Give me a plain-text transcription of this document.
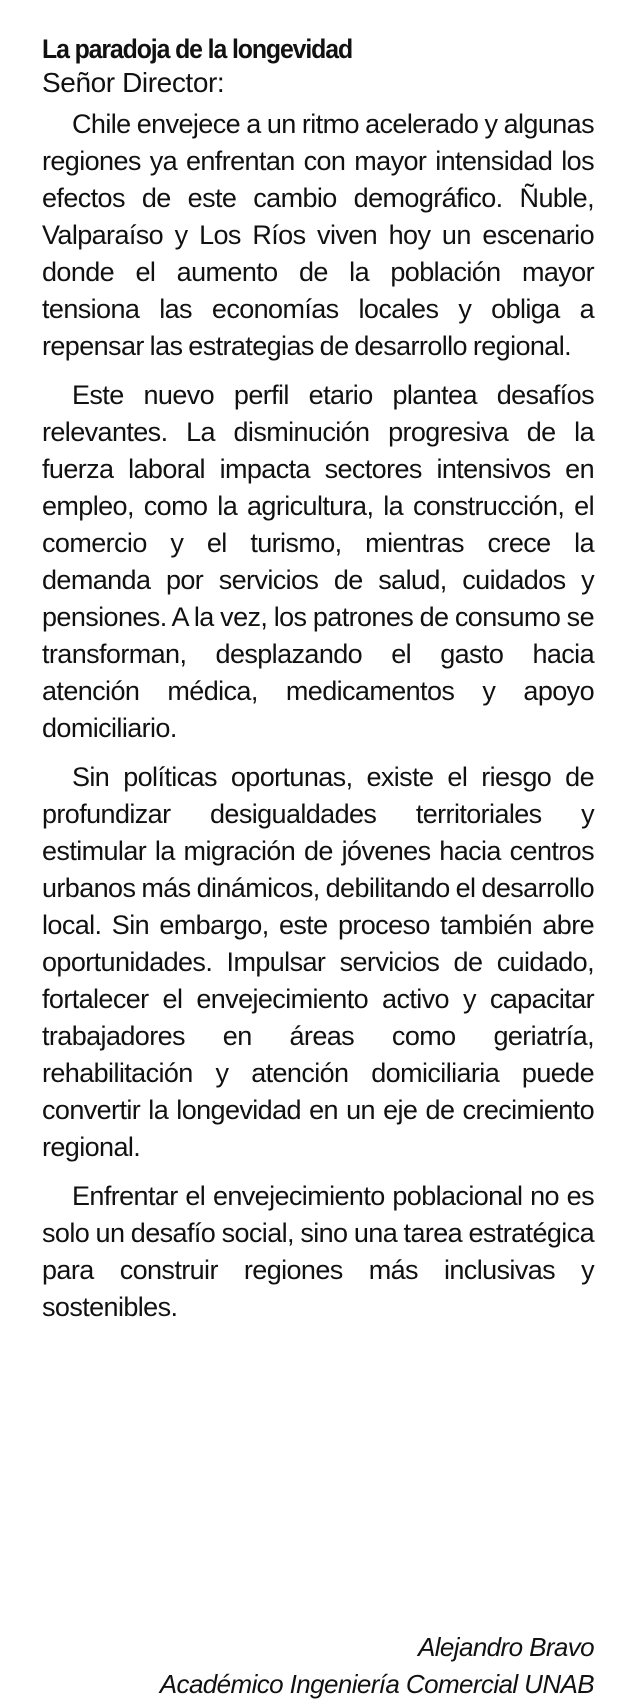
La paradoja de la longevidad

Señor Director:

Chile envejece a un ritmo acelerado y algunas regiones ya enfrentan con mayor intensidad los efectos de este cambio demográfico. Ñuble, Valparaíso y Los Ríos viven hoy un escenario donde el aumento de la población mayor tensiona las economías locales y obliga a repensar las estrategias de desarrollo regional.

Este nuevo perfil etario plantea desafíos relevantes. La disminución progresiva de la fuerza laboral impacta sectores intensivos en empleo, como la agricultura, la construcción, el comercio y el turismo, mientras crece la demanda por servicios de salud, cuidados y pensiones. A la vez, los patrones de consumo se transforman, desplazando el gasto hacia atención médica, medicamentos y apoyo domiciliario.

Sin políticas oportunas, existe el riesgo de profundizar desigualdades territoriales y estimular la migración de jóvenes hacia centros urbanos más dinámicos, debilitando el desarrollo local. Sin embargo, este proceso también abre oportunidades. Impulsar servicios de cuidado, fortalecer el envejecimiento activo y capacitar trabajadores en áreas como geriatría, rehabilitación y atención domiciliaria puede convertir la longevidad en un eje de crecimiento regional.

Enfrentar el envejecimiento poblacional no es solo un desafío social, sino una tarea estratégica para construir regiones más inclusivas y sostenibles.

Alejandro Bravo
Académico Ingeniería Comercial UNAB
